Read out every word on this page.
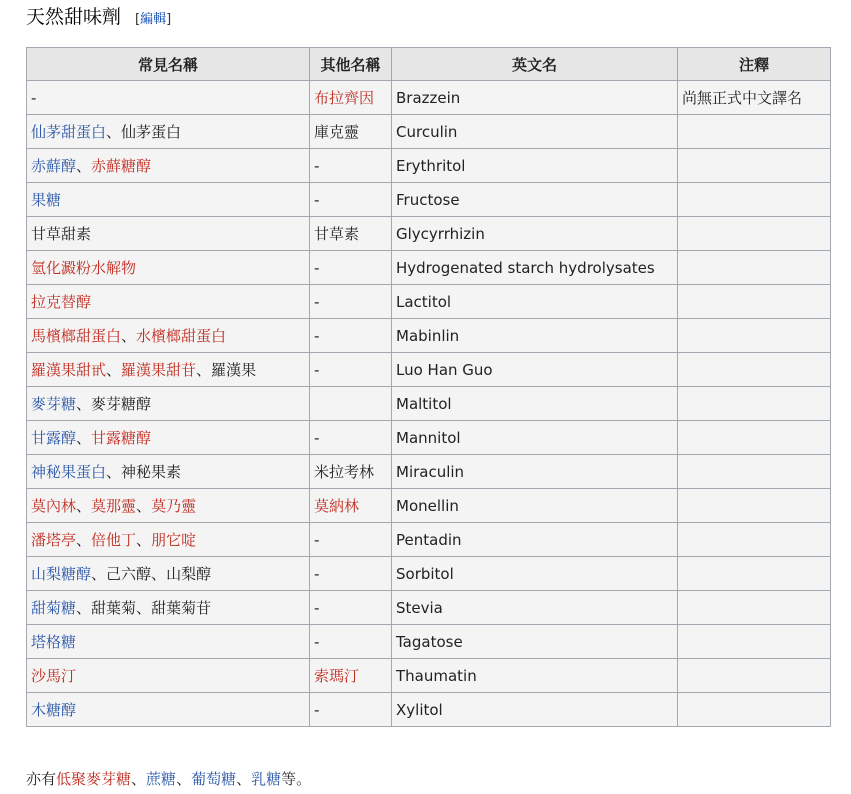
天然甜味劑 [編輯]
常見名稱	其他名稱	英文名	注釋
-	布拉齊因	Brazzein	尚無正式中文譯名
仙茅甜蛋白、仙茅蛋白	庫克靈	Curculin	
赤蘚醇、赤蘚糖醇	-	Erythritol	
果糖	-	Fructose	
甘草甜素	甘草素	Glycyrrhizin	
氫化澱粉水解物	-	Hydrogenated starch hydrolysates	
拉克替醇	-	Lactitol	
馬檳榔甜蛋白、水檳榔甜蛋白	-	Mabinlin	
羅漢果甜甙、羅漢果甜苷、羅漢果	-	Luo Han Guo	
麥芽糖、麥芽糖醇		Maltitol	
甘露醇、甘露糖醇	-	Mannitol	
神秘果蛋白、神秘果素	米拉考林	Miraculin	
莫內林、莫那靈、莫乃靈	莫納林	Monellin	
潘塔亭、倍他丁、朋它啶	-	Pentadin	
山梨糖醇、己六醇、山梨醇	-	Sorbitol	
甜菊糖、甜葉菊、甜葉菊苷	-	Stevia	
塔格糖	-	Tagatose	
沙馬汀	索瑪汀	Thaumatin	
木糖醇	-	Xylitol	
亦有低聚麥芽糖、蔗糖、葡萄糖、乳糖等。
